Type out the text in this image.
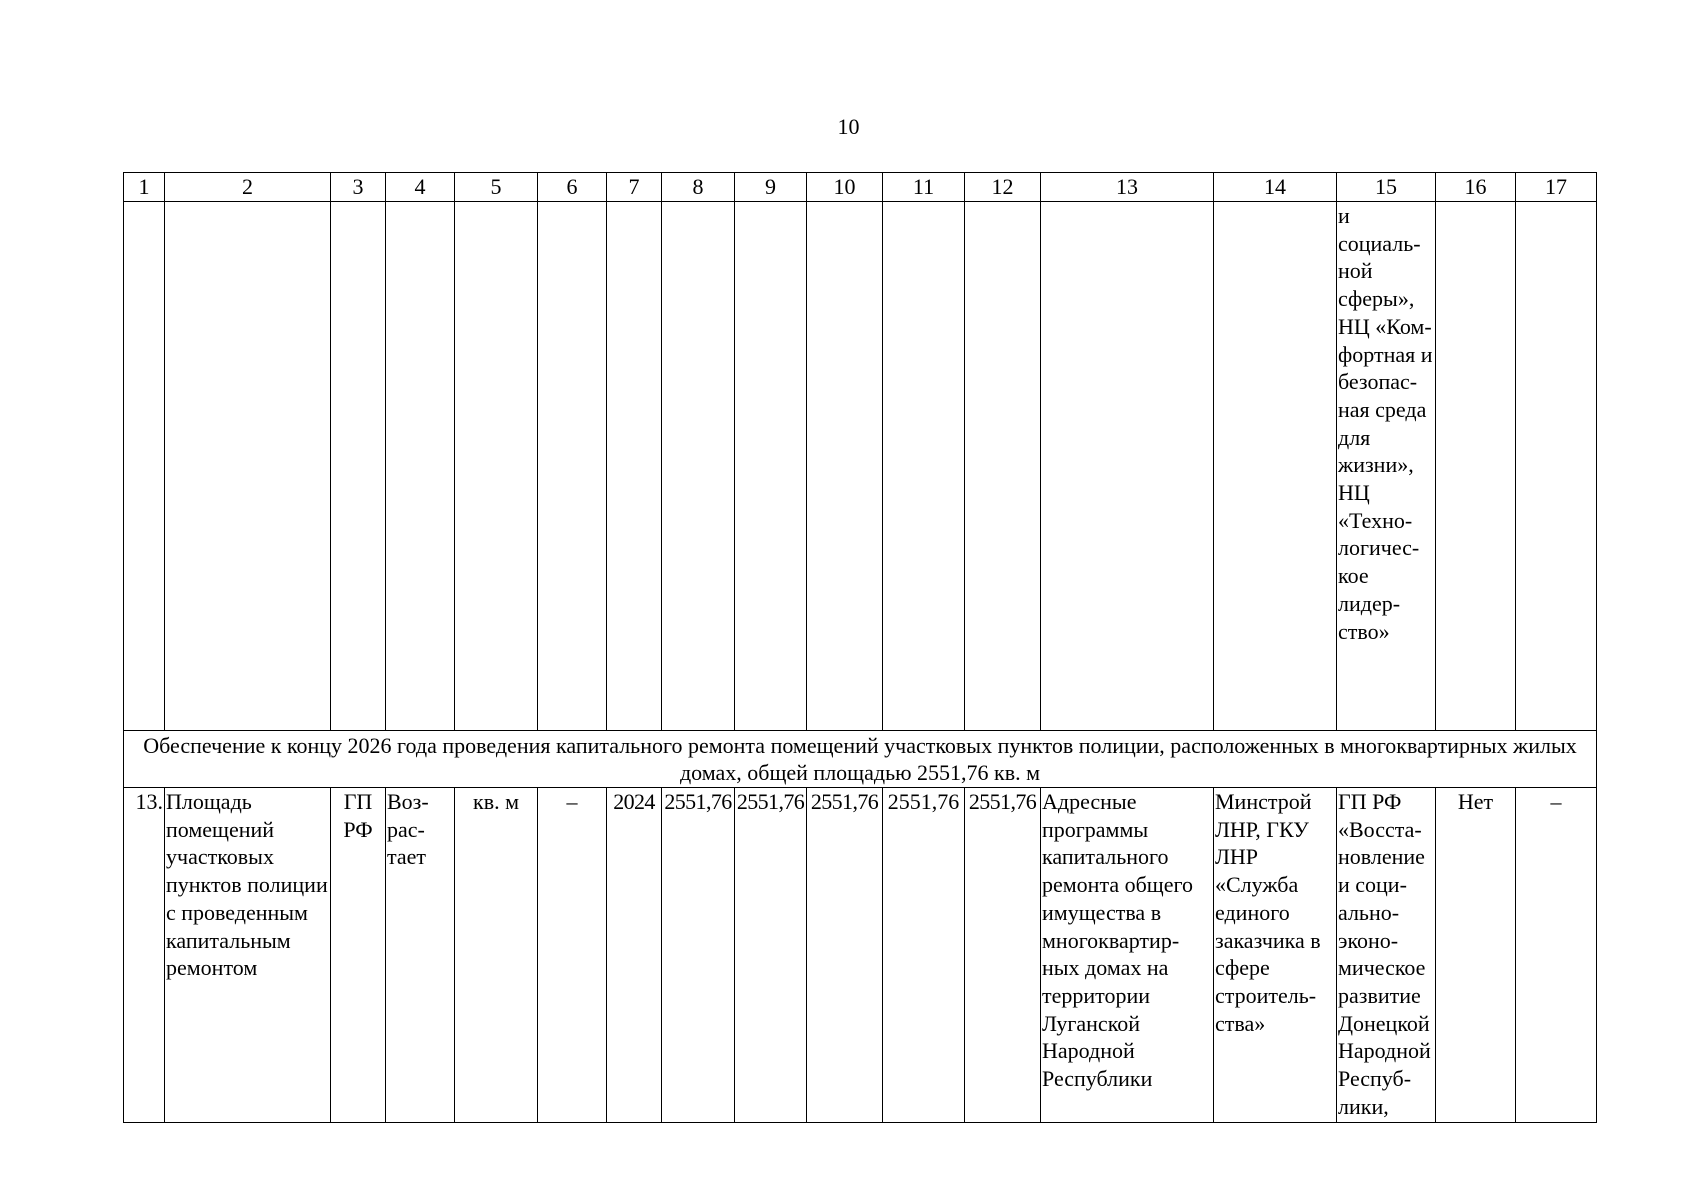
10
1	2	3	4	5	6	7	8	9	10	11	12	13	14	15	16	17
														и социаль- ной сферы», НЦ «Ком- фортная и безопас- ная среда для жизни», НЦ «Техно- логичес- кое лидер- ство»		
Обеспечение к концу 2026 года проведения капитального ремонта помещений участковых пунктов полиции, расположенных в многоквартирных жилых домах, общей площадью 2551,76 кв. м																
13.	Площадь помещений участковых пунктов полиции с проведенным капитальным ремонтом	ГП РФ	Воз- рас- тает	кв. м	–	2024	2551,76	2551,76	2551,76	2551,76	2551,76	Адресные программы капитального ремонта общего имущества в многоквартир- ных домах на территории Луганской Народной Республики	Минстрой ЛНР, ГКУ ЛНР «Служба единого заказчика в сфере строитель- ства»	ГП РФ «Восста- новление и соци- ально- эконо- мическое развитие Донецкой Народной Респуб- лики,	Нет	–
